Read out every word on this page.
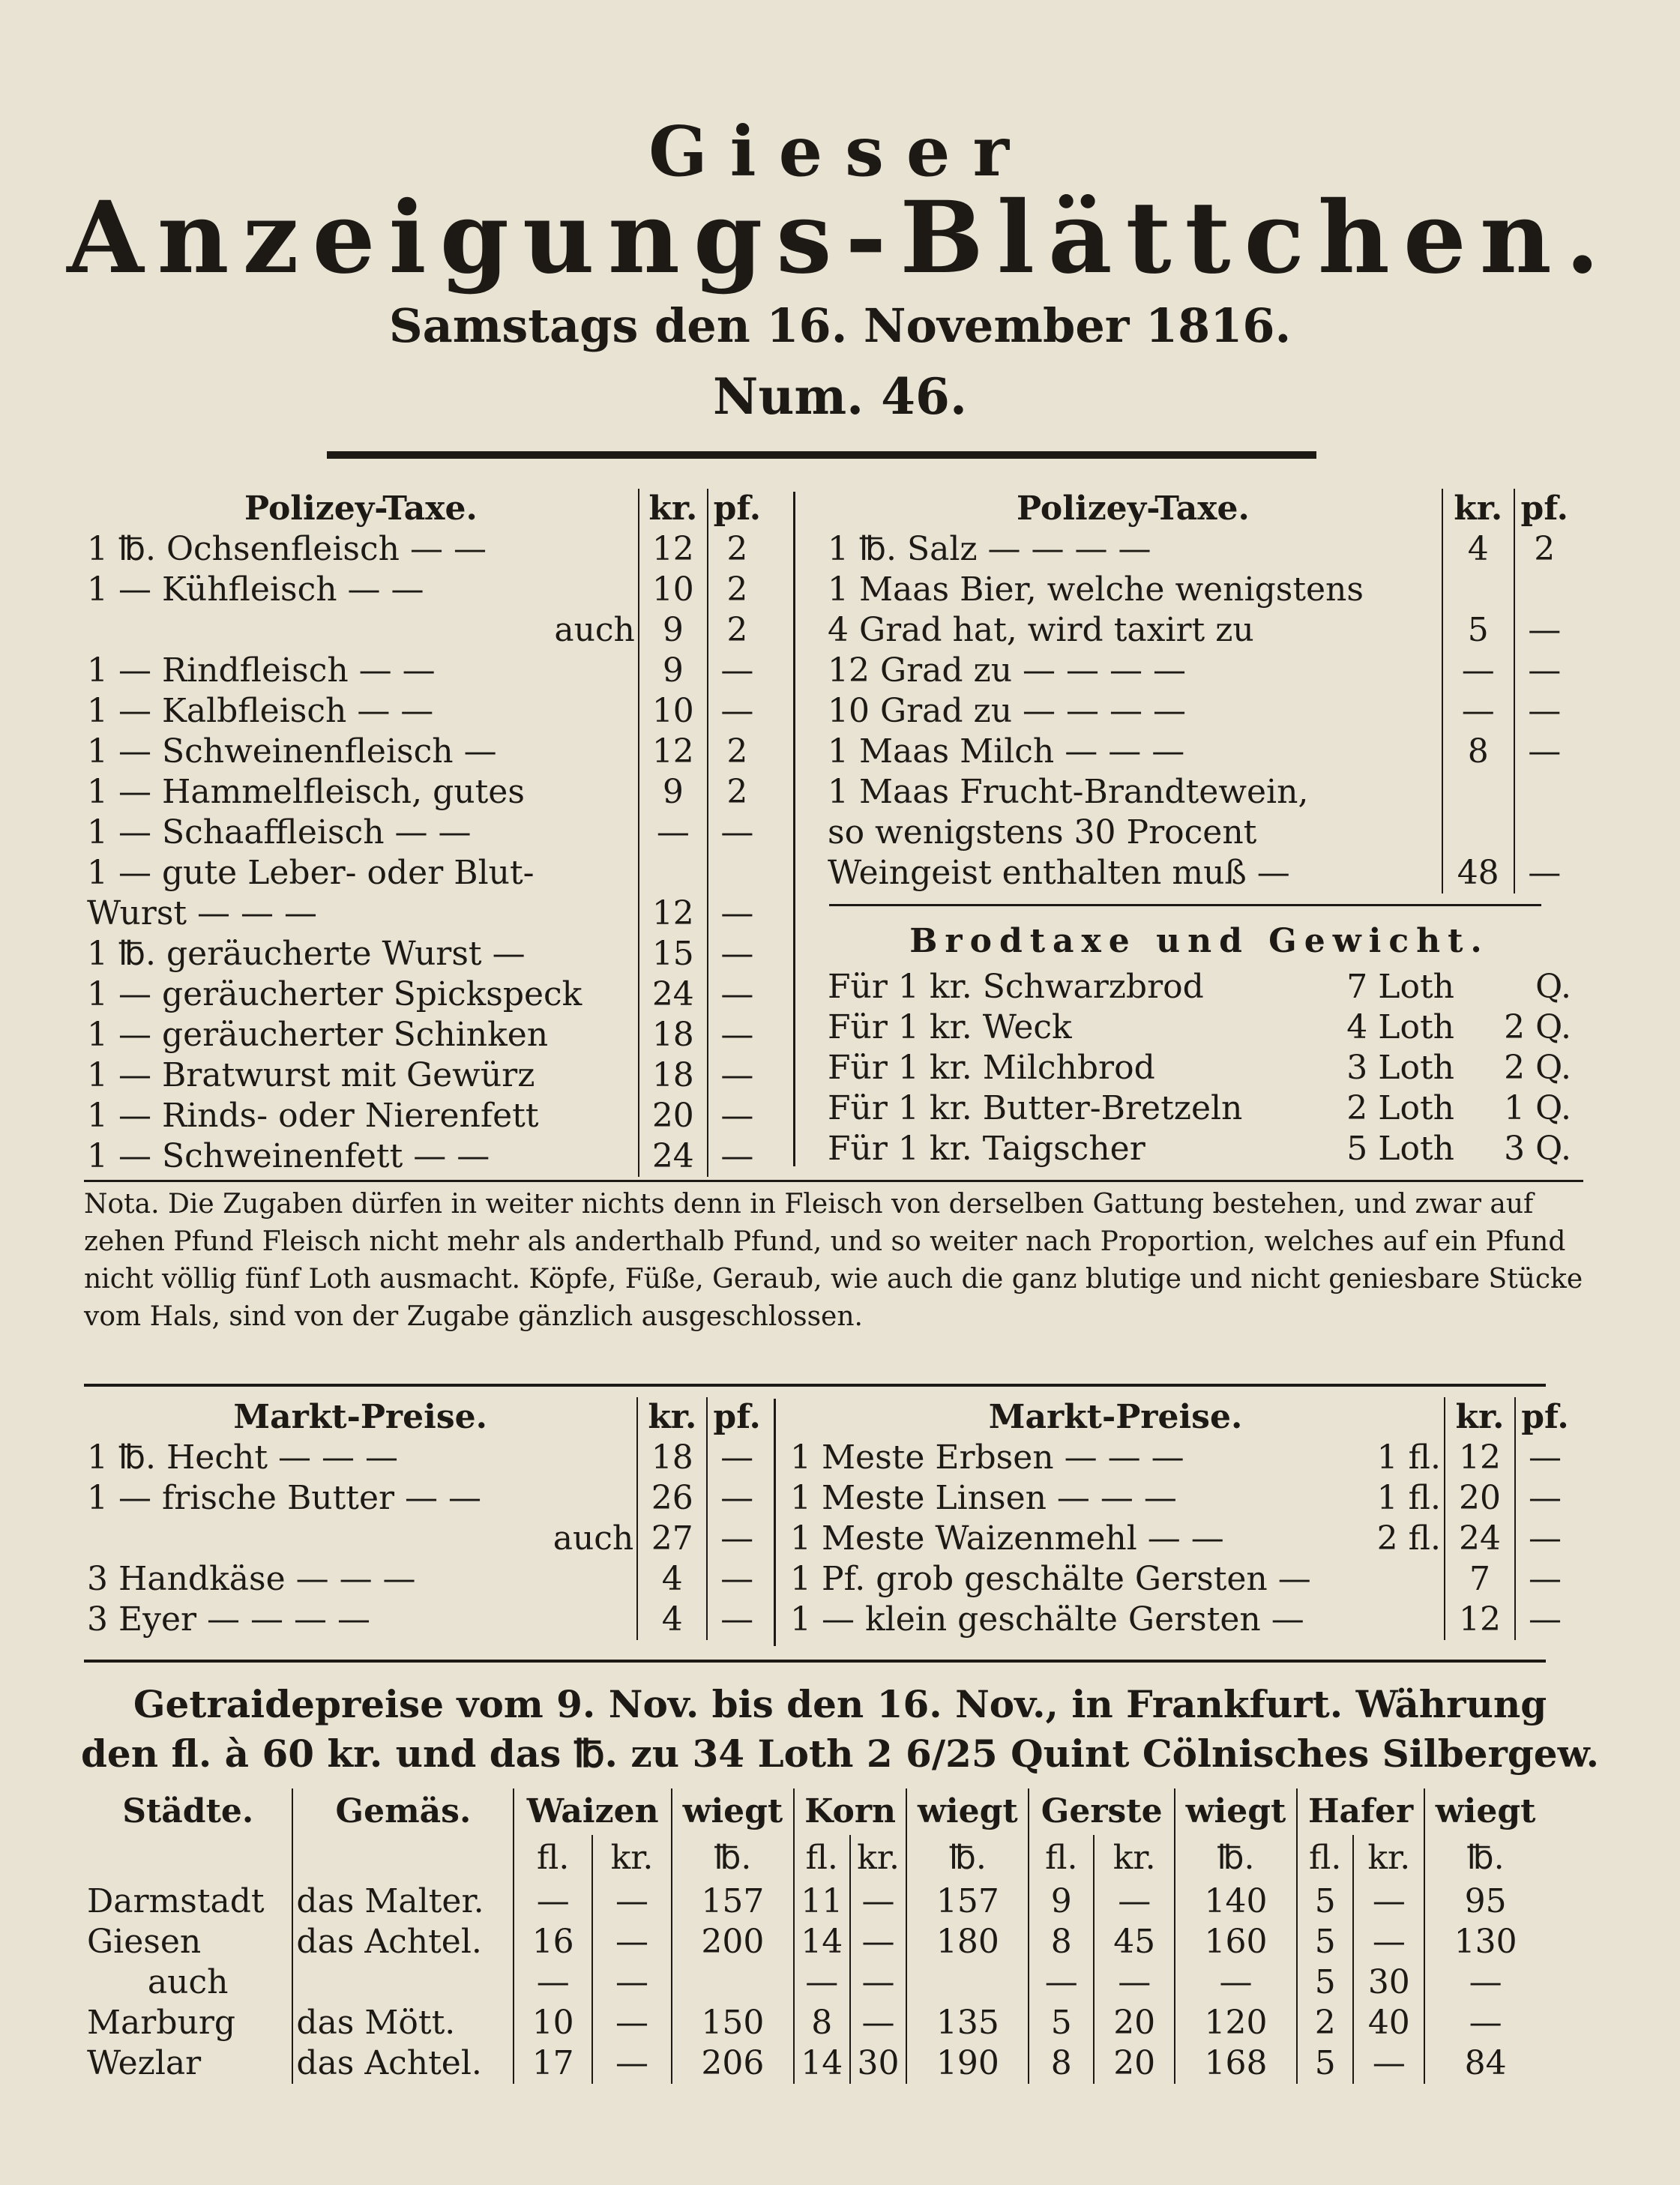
Gieser
Anzeigungs-Blättchen.
Samstags den 16. November 1816.
Num. 46.
Polizey-Taxe.	kr.	pf.
1 ℔. Ochsenfleisch — —	12	2
1 — Kühfleisch — —	10	2
auch	9	2
1 — Rindfleisch — —	9	—
1 — Kalbfleisch — —	10	—
1 — Schweinenfleisch —	12	2
1 — Hammelfleisch, gutes	9	2
1 — Schaaffleisch — —	—	—
1 — gute Leber- oder Blut-		
Wurst — — —	12	—
1 ℔. geräucherte Wurst —	15	—
1 — geräucherter Spickspeck	24	—
1 — geräucherter Schinken	18	—
1 — Bratwurst mit Gewürz	18	—
1 — Rinds- oder Nierenfett	20	—
1 — Schweinenfett — —	24	—
Polizey-Taxe.	kr.	pf.
1 ℔. Salz — — — —	4	2
1 Maas Bier, welche wenigstens		
4 Grad hat, wird taxirt zu	5	—
12 Grad zu — — — —	—	—
10 Grad zu — — — —	—	—
1 Maas Milch — — —	8	—
1 Maas Frucht-Brandtewein,		
so wenigstens 30 Procent		
Weingeist enthalten muß —	48	—
Brodtaxe und Gewicht.
Für 1 kr. Schwarzbrod	7 Loth	Q.
Für 1 kr. Weck	4 Loth	2 Q.
Für 1 kr. Milchbrod	3 Loth	2 Q.
Für 1 kr. Butter-Bretzeln	2 Loth	1 Q.
Für 1 kr. Taigscher	5 Loth	3 Q.
Nota. Die Zugaben dürfen in weiter nichts denn in Fleisch von derselben Gattung bestehen, und zwar auf zehen Pfund Fleisch nicht mehr als anderthalb Pfund, und so weiter nach Proportion, welches auf ein Pfund nicht völlig fünf Loth ausmacht. Köpfe, Füße, Geraub, wie auch die ganz blutige und nicht geniesbare Stücke vom Hals, sind von der Zugabe gänzlich ausgeschlossen.
Markt-Preise.	kr.	pf.
1 ℔. Hecht — — —	18	—
1 — frische Butter — —	26	—
auch	27	—
3 Handkäse — — —	4	—
3 Eyer — — — —	4	—
Markt-Preise.		kr.	pf.
1 Meste Erbsen — — —	1 fl.	12	—
1 Meste Linsen — — —	1 fl.	20	—
1 Meste Waizenmehl — —	2 fl.	24	—
1 Pf. grob geschälte Gersten —		7	—
1 — klein geschälte Gersten —		12	—
Getraidepreise vom 9. Nov. bis den 16. Nov., in Frankfurt. Währung
den fl. à 60 kr. und das ℔. zu 34 Loth 2 6/25 Quint Cölnisches Silbergew.
Städte.	Gemäs.	Waizen		wiegt	Korn		wiegt	Gerste		wiegt	Hafer		wiegt
		fl.	kr.	℔.	fl.	kr.	℔.	fl.	kr.	℔.	fl.	kr.	℔.
Darmstadt	das Malter.	—	—	157	11	—	157	9	—	140	5	—	95
Giesen	das Achtel.	16	—	200	14	—	180	8	45	160	5	—	130
auch		—	—		—	—		—	—	—	5	30	—
Marburg	das Mött.	10	—	150	8	—	135	5	20	120	2	40	—
Wezlar	das Achtel.	17	—	206	14	30	190	8	20	168	5	—	84
